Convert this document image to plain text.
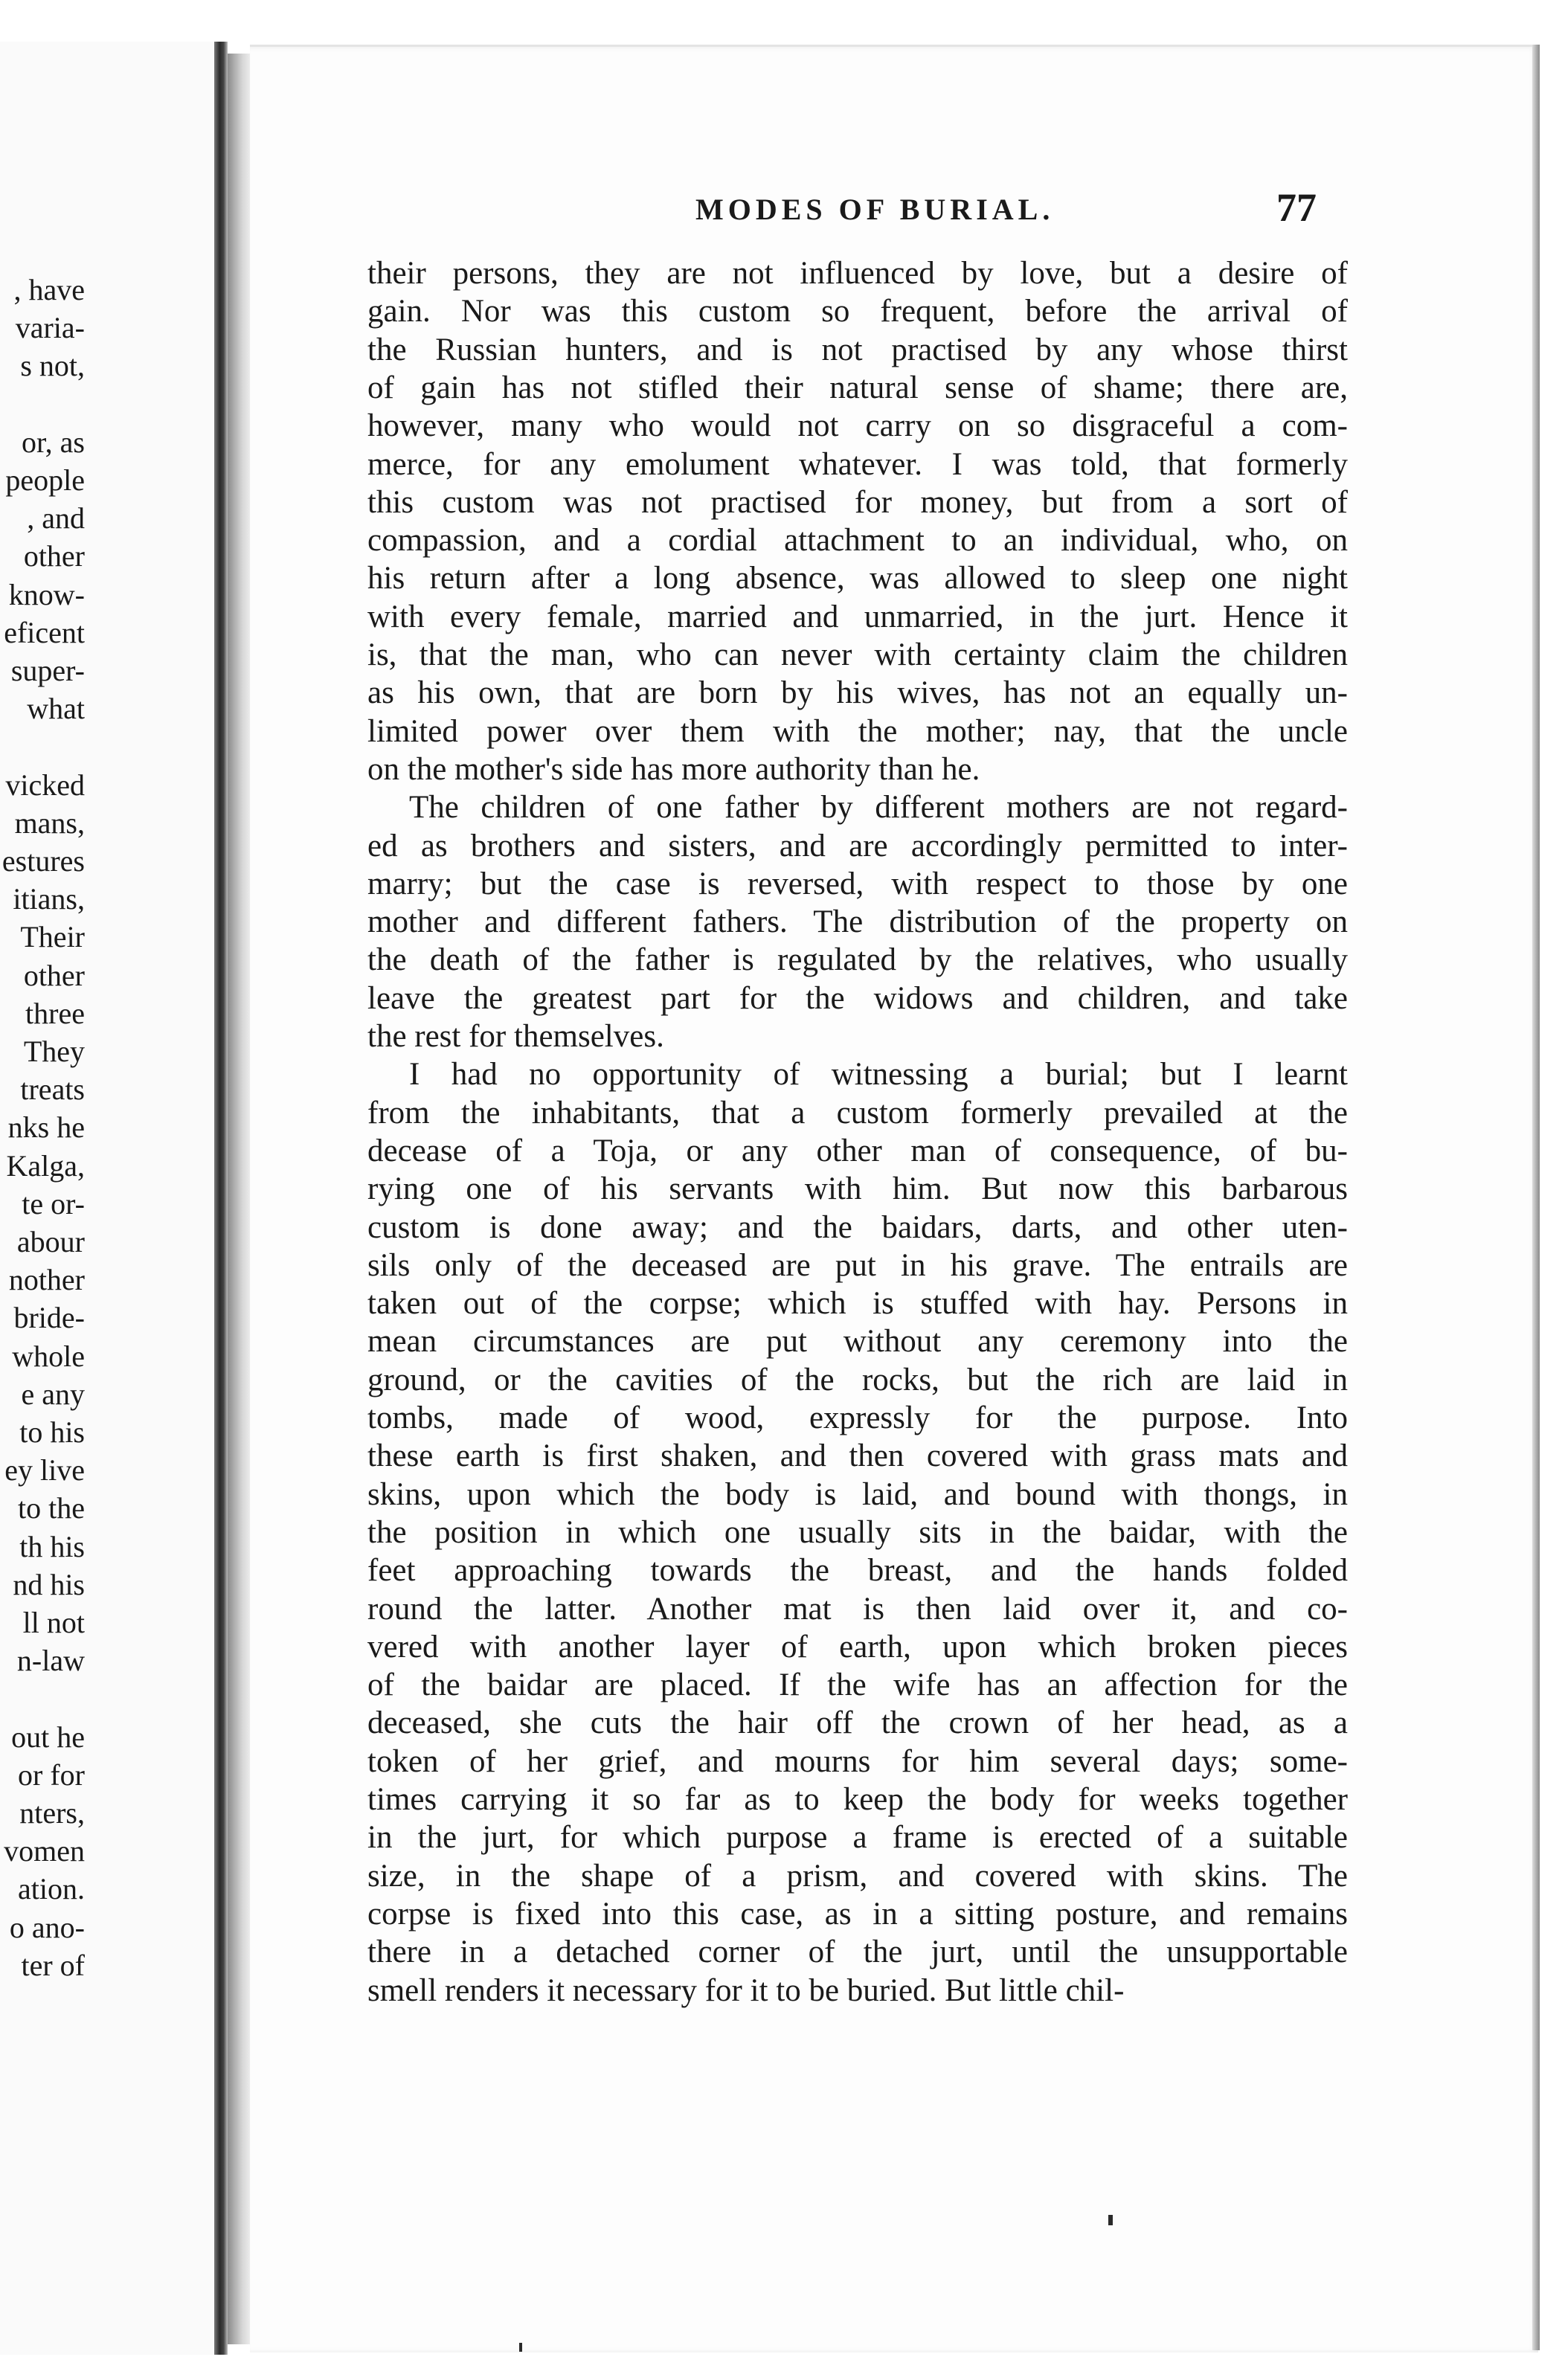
, have
varia-
s not,
or, as
people
, and
other
know-
eficent
super-
what
vicked
mans,
estures
itians,
Their
other
three
They
treats
nks he
Kalga,
te or-
abour
nother
bride-
whole
e any
to his
ey live
to the
th his
nd his
ll not
n-law
out he
or for
nters,
vomen
ation.
o ano-
ter of
MODES OF BURIAL.	77
their persons, they are not influenced by love, but a desire of
gain. Nor was this custom so frequent, before the arrival of
the Russian hunters, and is not practised by any whose thirst
of gain has not stifled their natural sense of shame; there are,
however, many who would not carry on so disgraceful a com-
merce, for any emolument whatever. I was told, that formerly
this custom was not practised for money, but from a sort of
compassion, and a cordial attachment to an individual, who, on
his return after a long absence, was allowed to sleep one night
with every female, married and unmarried, in the jurt. Hence it
is, that the man, who can never with certainty claim the children
as his own, that are born by his wives, has not an equally un-
limited power over them with the mother; nay, that the uncle
on the mother's side has more authority than he.
The children of one father by different mothers are not regard-
ed as brothers and sisters, and are accordingly permitted to inter-
marry; but the case is reversed, with respect to those by one
mother and different fathers. The distribution of the property on
the death of the father is regulated by the relatives, who usually
leave the greatest part for the widows and children, and take
the rest for themselves.
I had no opportunity of witnessing a burial; but I learnt
from the inhabitants, that a custom formerly prevailed at the
decease of a Toja, or any other man of consequence, of bu-
rying one of his servants with him. But now this barbarous
custom is done away; and the baidars, darts, and other uten-
sils only of the deceased are put in his grave. The entrails are
taken out of the corpse; which is stuffed with hay. Persons in
mean circumstances are put without any ceremony into the
ground, or the cavities of the rocks, but the rich are laid in
tombs, made of wood, expressly for the purpose. Into
these earth is first shaken, and then covered with grass mats and
skins, upon which the body is laid, and bound with thongs, in
the position in which one usually sits in the baidar, with the
feet approaching towards the breast, and the hands folded
round the latter. Another mat is then laid over it, and co-
vered with another layer of earth, upon which broken pieces
of the baidar are placed. If the wife has an affection for the
deceased, she cuts the hair off the crown of her head, as a
token of her grief, and mourns for him several days; some-
times carrying it so far as to keep the body for weeks together
in the jurt, for which purpose a frame is erected of a suitable
size, in the shape of a prism, and covered with skins. The
corpse is fixed into this case, as in a sitting posture, and remains
there in a detached corner of the jurt, until the unsupportable
smell renders it necessary for it to be buried. But little chil-
